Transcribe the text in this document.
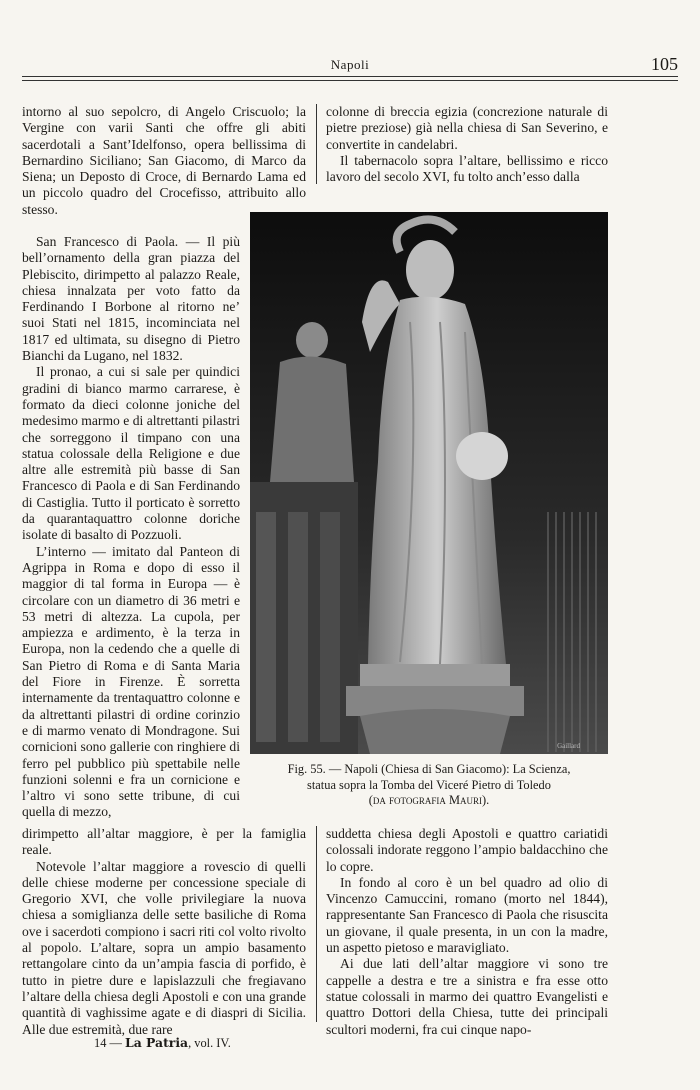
Napoli	105

intorno al suo sepolcro, di Angelo Criscuolo; la Vergine con varii Santi che offre gli abiti sacerdotali a Sant’Idelfonso, opera bellissima di Bernardino Siciliano; San Giacomo, di Marco da Siena; un Deposto di Croce, di Bernardo Lama ed un piccolo quadro del Crocefisso, attribuito allo stesso.

colonne di breccia egizia (concrezione naturale di pietre preziose) già nella chiesa di San Severino, e convertite in candelabri.

Il tabernacolo sopra l’altare, bellissimo e ricco lavoro del secolo XVI, fu tolto anch’esso dalla

San Francesco di Paola. — Il più bell’ornamento della gran piazza del Plebiscito, dirimpetto al palazzo Reale, chiesa innalzata per voto fatto da Ferdinando I Borbone al ritorno ne’ suoi Stati nel 1815, incominciata nel 1817 ed ultimata, su disegno di Pietro Bianchi da Lugano, nel 1832.

Il pronao, a cui si sale per quindici gradini di bianco marmo carrarese, è formato da dieci colonne joniche del medesimo marmo e di altrettanti pilastri che sorreggono il timpano con una statua colossale della Religione e due altre alle estremità più basse di San Francesco di Paola e di San Ferdinando di Castiglia. Tutto il porticato è sorretto da quarantaquattro colonne doriche isolate di basalto di Pozzuoli.

L’interno — imitato dal Panteon di Agrippa in Roma e dopo di esso il maggior di tal forma in Europa — è circolare con un diametro di 36 metri e 53 metri di altezza. La cupola, per ampiezza e ardimento, è la terza in Europa, non la cedendo che a quelle di San Pietro di Roma e di Santa Maria del Fiore in Firenze. È sorretta internamente da trentaquattro colonne e da altrettanti pilastri di ordine corinzio e di marmo venato di Mondragone. Sui cornicioni sono gallerie con ringhiere di ferro pel pubblico più spettabile nelle funzioni solenni e fra un cornicione e l’altro vi sono sette tribune, di cui quella di mezzo,

Gaillard
Fig. 55. — Napoli (Chiesa di San Giacomo): La Scienza,
statua sopra la Tomba del Viceré Pietro di Toledo
(da fotografia Mauri).

dirimpetto all’altar maggiore, è per la famiglia reale.

Notevole l’altar maggiore a rovescio di quelli delle chiese moderne per concessione speciale di Gregorio XVI, che volle privilegiare la nuova chiesa a somiglianza delle sette basiliche di Roma ove i sacerdoti compiono i sacri riti col volto rivolto al popolo. L’altare, sopra un ampio basamento rettangolare cinto da un’ampia fascia di porfido, è tutto in pietre dure e lapislazzuli che fregiavano l’altare della chiesa degli Apostoli e con una grande quantità di vaghissime agate e di diaspri di Sicilia. Alle due estremità, due rare

suddetta chiesa degli Apostoli e quattro cariatidi colossali indorate reggono l’ampio baldacchino che lo copre.

In fondo al coro è un bel quadro ad olio di Vincenzo Camuccini, romano (morto nel 1844), rappresentante San Francesco di Paola che risuscita un giovane, il quale presenta, in un con la madre, un aspetto pietoso e maravigliato.

Ai due lati dell’altar maggiore vi sono tre cappelle a destra e tre a sinistra e fra esse otto statue colossali in marmo dei quattro Evangelisti e quattro Dottori della Chiesa, tutte dei principali scultori moderni, fra cui cinque napo-

14 — La Patria, vol. IV.
